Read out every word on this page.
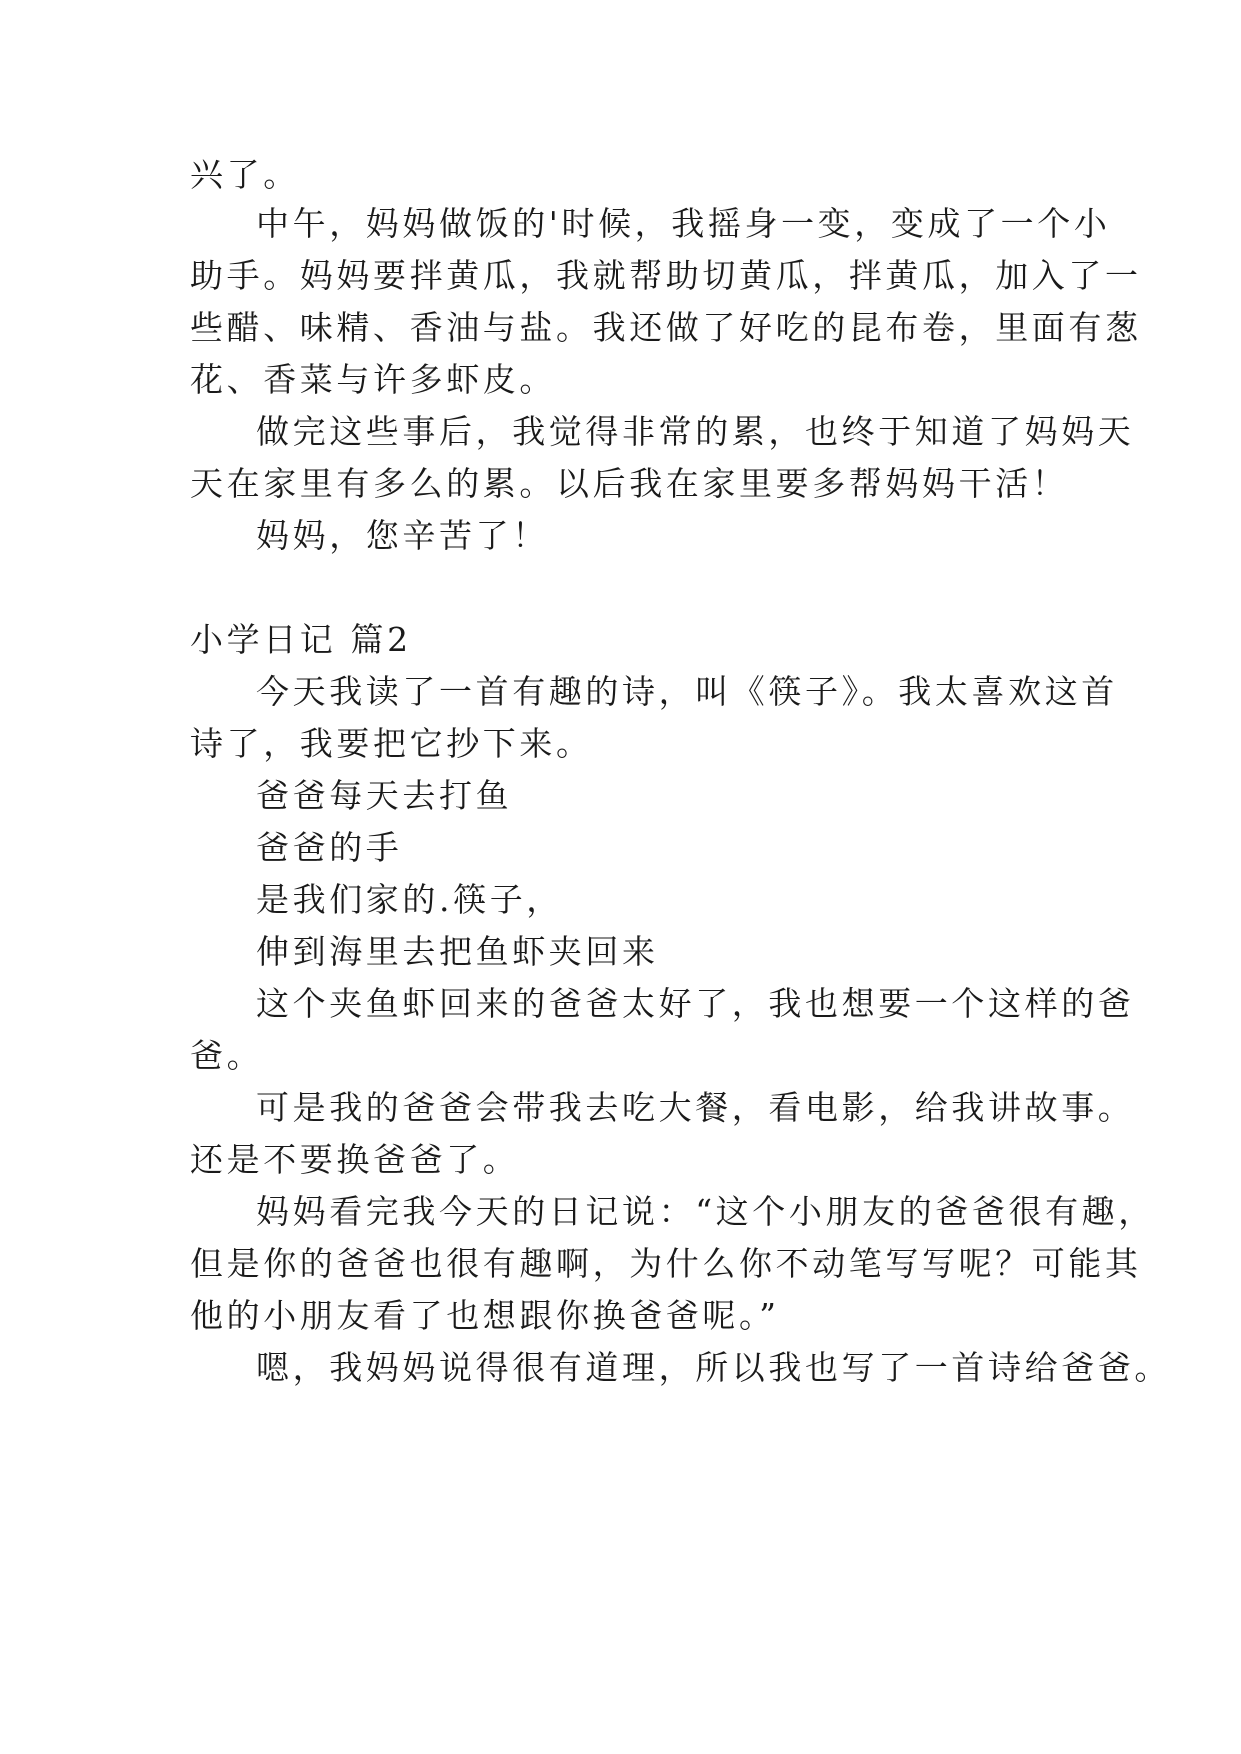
兴了。
中午，妈妈做饭的'时候，我摇身一变，变成了一个小
助手。妈妈要拌黄瓜，我就帮助切黄瓜，拌黄瓜，加入了一
些醋、味精、香油与盐。我还做了好吃的昆布卷，里面有葱
花、香菜与许多虾皮。
做完这些事后，我觉得非常的累，也终于知道了妈妈天
天在家里有多么的累。以后我在家里要多帮妈妈干活！
妈妈，您辛苦了！
小学日记 篇2
今天我读了一首有趣的诗，叫《筷子》。我太喜欢这首
诗了，我要把它抄下来。
爸爸每天去打鱼
爸爸的手
是我们家的.筷子，
伸到海里去把鱼虾夹回来
这个夹鱼虾回来的爸爸太好了，我也想要一个这样的爸
爸。
可是我的爸爸会带我去吃大餐，看电影，给我讲故事。
还是不要换爸爸了。
妈妈看完我今天的日记说：“这个小朋友的爸爸很有趣，
但是你的爸爸也很有趣啊，为什么你不动笔写写呢？可能其
他的小朋友看了也想跟你换爸爸呢。”
嗯，我妈妈说得很有道理，所以我也写了一首诗给爸爸。
